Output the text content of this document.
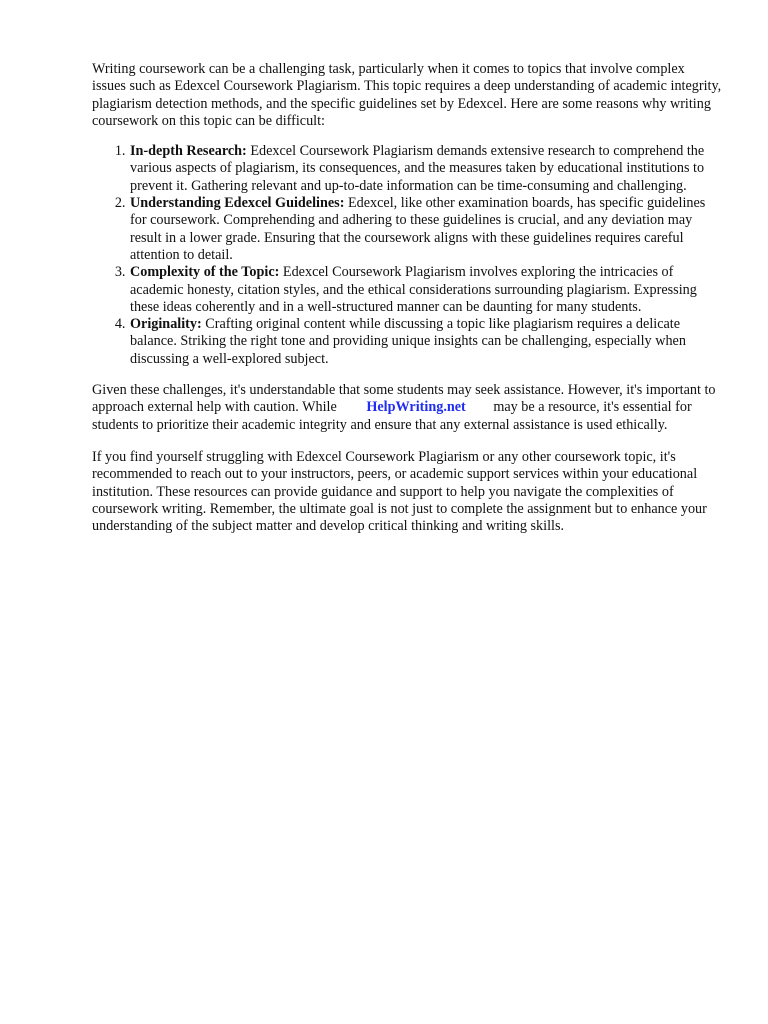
Writing coursework can be a challenging task, particularly when it comes to topics that involve complex issues such as Edexcel Coursework Plagiarism. This topic requires a deep understanding of academic integrity, plagiarism detection methods, and the specific guidelines set by Edexcel. Here are some reasons why writing coursework on this topic can be difficult:

1. In-depth Research: Edexcel Coursework Plagiarism demands extensive research to comprehend the various aspects of plagiarism, its consequences, and the measures taken by educational institutions to prevent it. Gathering relevant and up-to-date information can be time-consuming and challenging.
2. Understanding Edexcel Guidelines: Edexcel, like other examination boards, has specific guidelines for coursework. Comprehending and adhering to these guidelines is crucial, and any deviation may result in a lower grade. Ensuring that the coursework aligns with these guidelines requires careful attention to detail.
3. Complexity of the Topic: Edexcel Coursework Plagiarism involves exploring the intricacies of academic honesty, citation styles, and the ethical considerations surrounding plagiarism. Expressing these ideas coherently and in a well-structured manner can be daunting for many students.
4. Originality: Crafting original content while discussing a topic like plagiarism requires a delicate balance. Striking the right tone and providing unique insights can be challenging, especially when discussing a well-explored subject.

Given these challenges, it's understandable that some students may seek assistance. However, it's important to approach external help with caution. While HelpWriting.net may be a resource, it's essential for students to prioritize their academic integrity and ensure that any external assistance is used ethically.

If you find yourself struggling with Edexcel Coursework Plagiarism or any other coursework topic, it's recommended to reach out to your instructors, peers, or academic support services within your educational institution. These resources can provide guidance and support to help you navigate the complexities of coursework writing. Remember, the ultimate goal is not just to complete the assignment but to enhance your understanding of the subject matter and develop critical thinking and writing skills.
